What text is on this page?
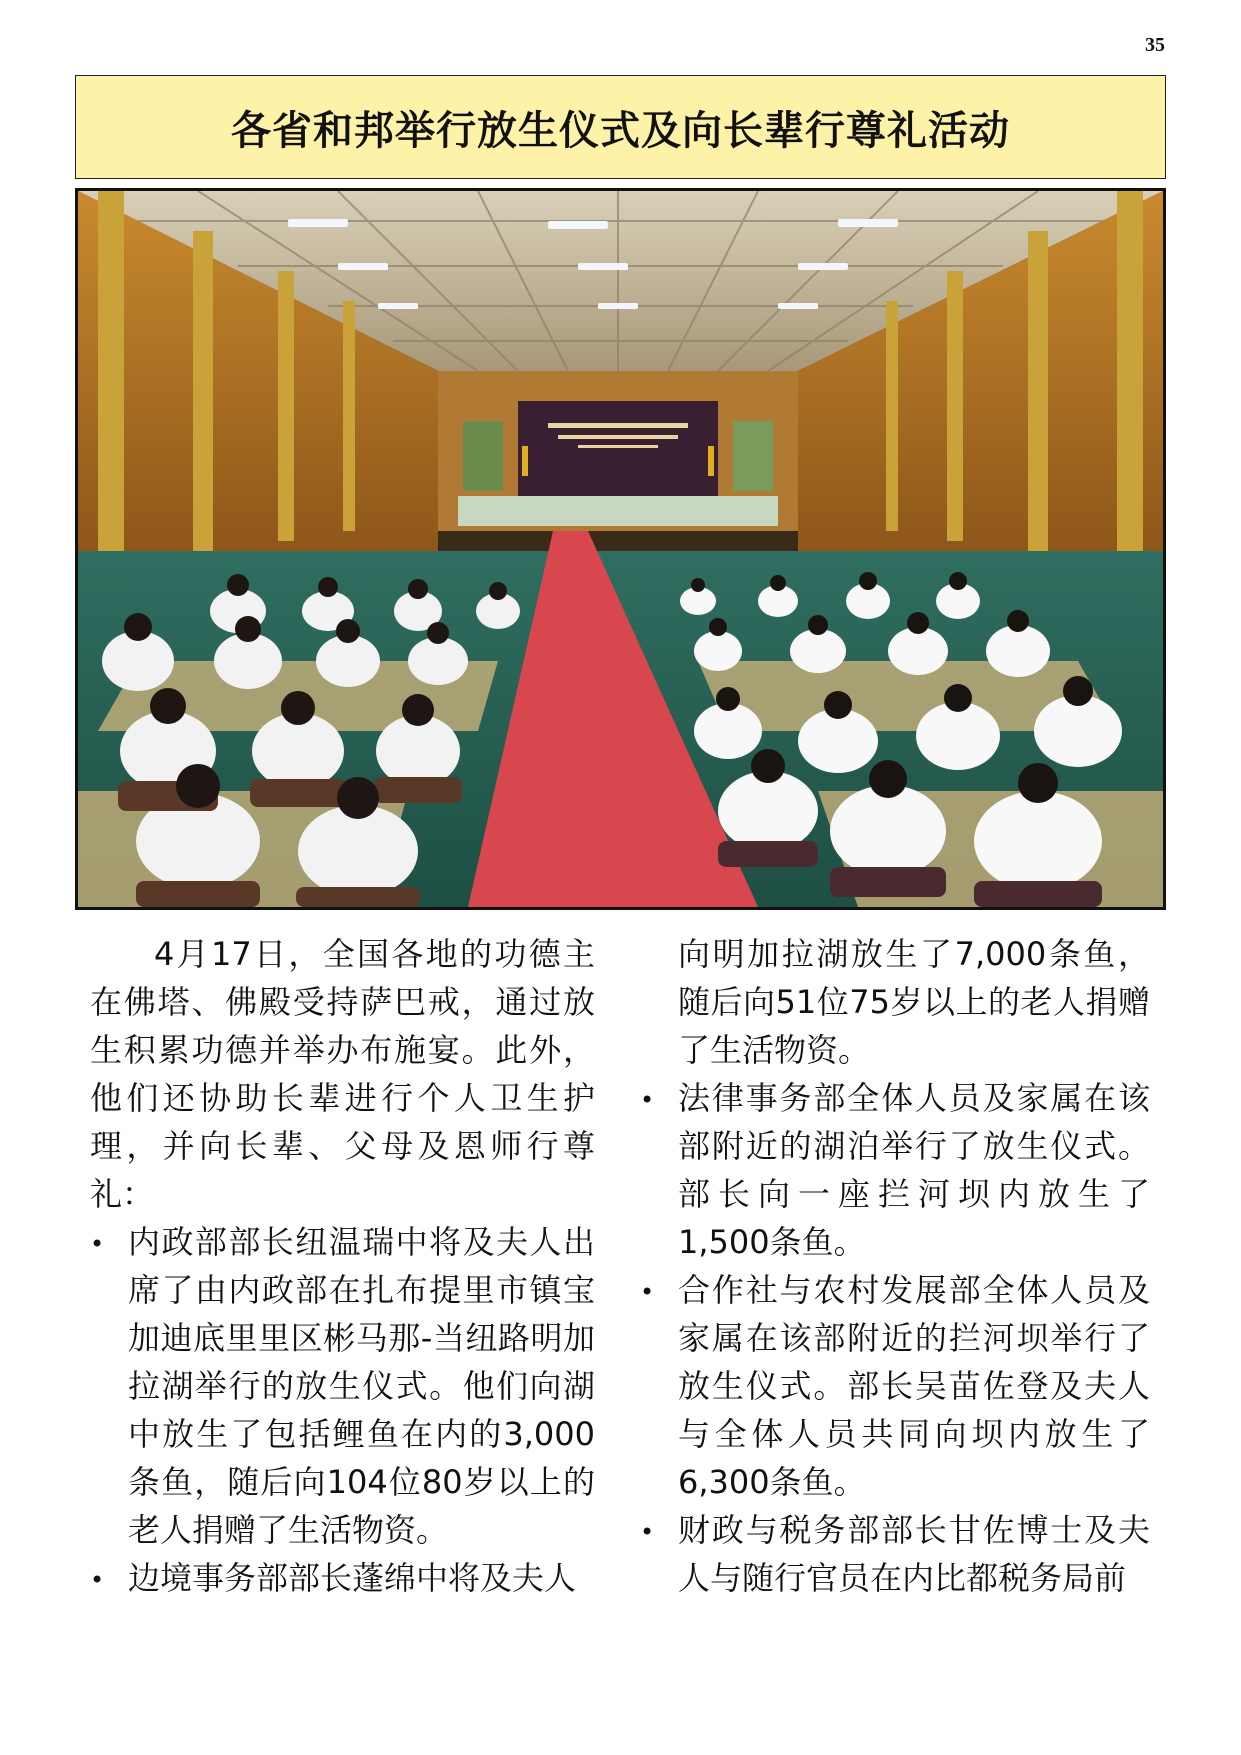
35
各省和邦举行放生仪式及向长辈行尊礼活动

4月17日，全国各地的功德主在佛塔、佛殿受持萨巴戒，通过放生积累功德并举办布施宴。此外，他们还协助长辈进行个人卫生护理，并向长辈、父母及恩师行尊礼：

• 内政部部长纽温瑞中将及夫人出席了由内政部在扎布提里市镇宝加迪底里里区彬马那-当纽路明加拉湖举行的放生仪式。他们向湖中放生了包括鲤鱼在内的3,000条鱼，随后向104位80岁以上的老人捐赠了生活物资。

• 边境事务部部长蓬绵中将及夫人

向明加拉湖放生了7,000条鱼，随后向51位75岁以上的老人捐赠了生活物资。

• 法律事务部全体人员及家属在该部附近的湖泊举行了放生仪式。部长向一座拦河坝内放生了1,500条鱼。

• 合作社与农村发展部全体人员及家属在该部附近的拦河坝举行了放生仪式。部长吴苗佐登及夫人与全体人员共同向坝内放生了6,300条鱼。

• 财政与税务部部长甘佐博士及夫人与随行官员在内比都税务局前
